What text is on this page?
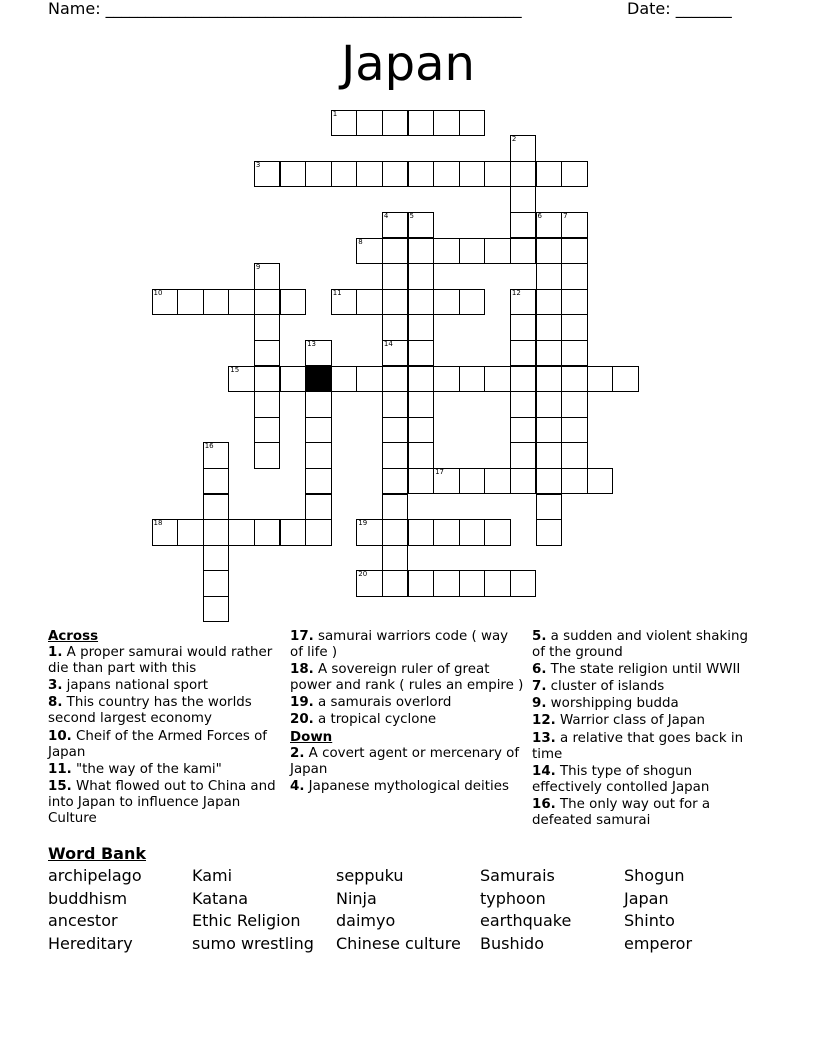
Name: ____________________________________________________

	Date: _______

Japan
1
2
3
4
14
5	6	7
8
9
10	11	12
13
15
16
17
18	19
20
Across
1. A proper samurai would rather die than part with this
3. japans national sport
8. This country has the worlds second largest economy
10. Cheif of the Armed Forces of Japan
11. "the way of the kami"
15. What flowed out to China and into Japan to influence Japan Culture
17. samurai warriors code ( way of life )
18. A sovereign ruler of great power and rank ( rules an empire )
19. a samurais overlord
20. a tropical cyclone
Down
2. A covert agent or mercenary of Japan
4. Japanese mythological deities
5. a sudden and violent shaking of the ground
6. The state religion until WWII
7. cluster of islands
9. worshipping budda
12. Warrior class of Japan
13. a relative that goes back in time
14. This type of shogun effectively contolled Japan
16. The only way out for a defeated samurai
Word Bank
archipelago	Kami	seppuku	Samurais	Shogun
buddhism	Katana	Ninja	typhoon	Japan
ancestor	Ethic Religion	daimyo	earthquake	Shinto
Hereditary	sumo wrestling	Chinese culture	Bushido	emperor
